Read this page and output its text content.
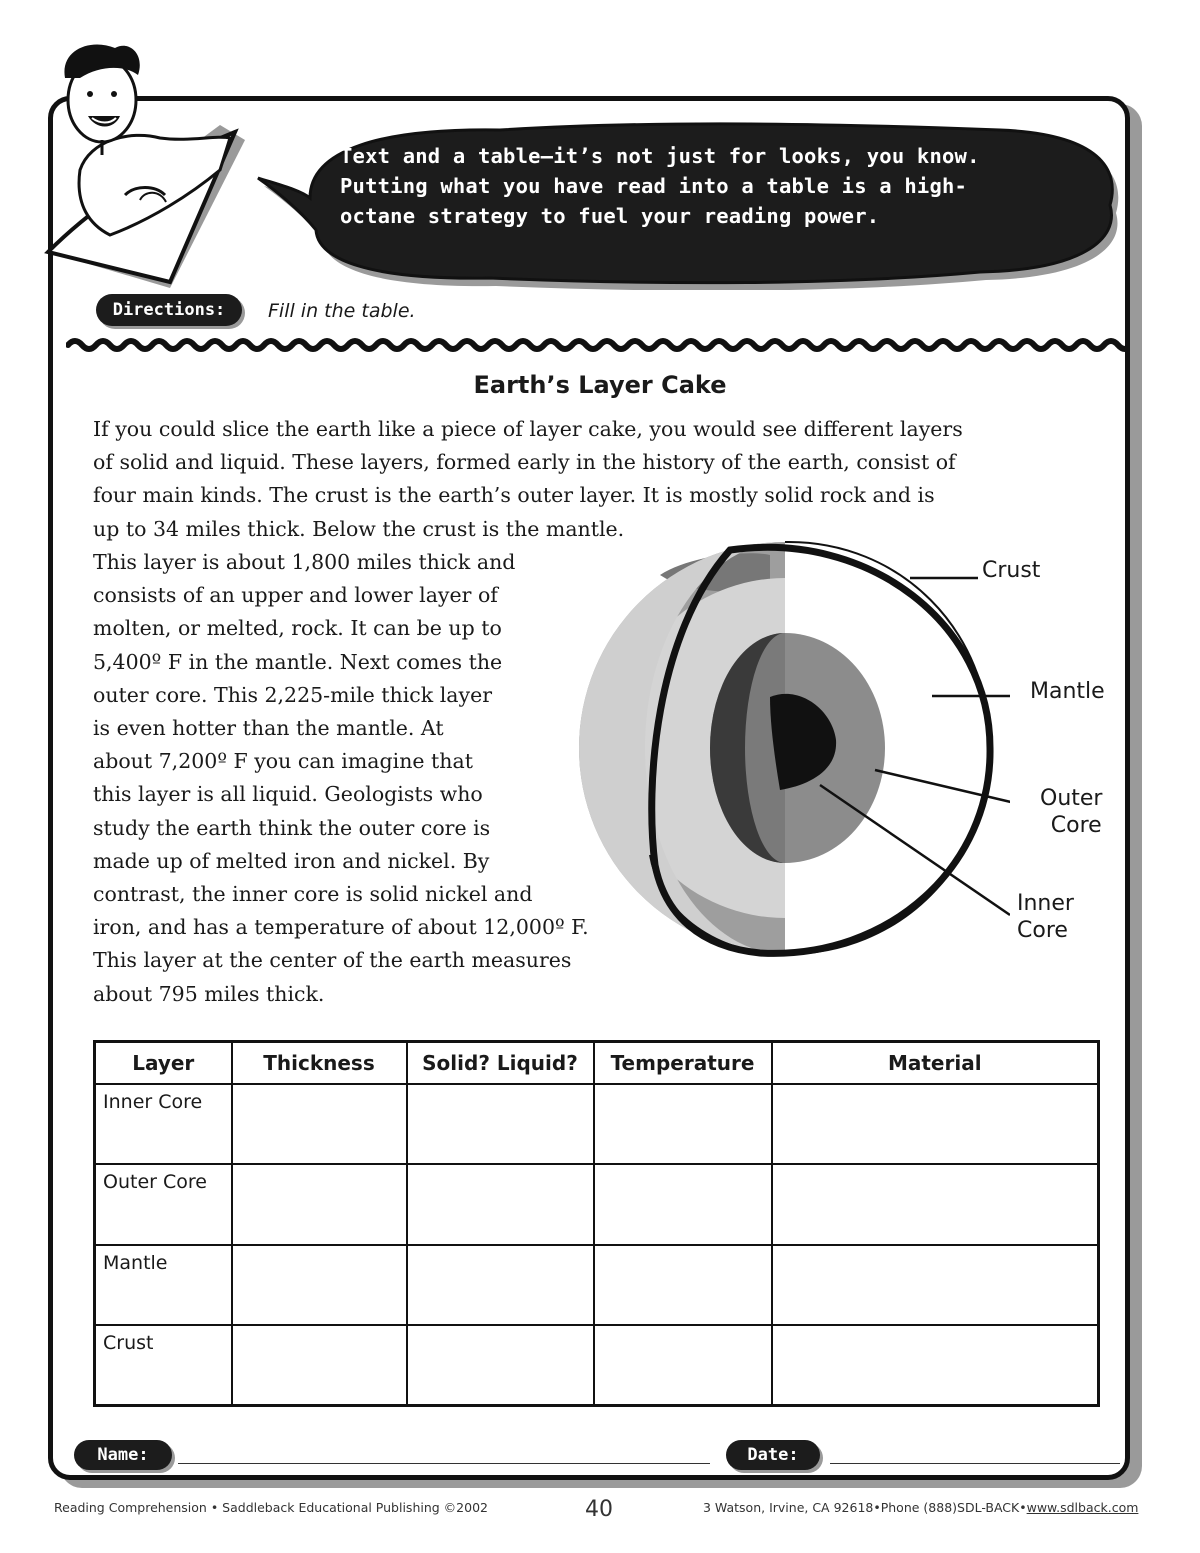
Text and a table—it’s not just for looks, you know.
Putting what you have read into a table is a high-
octane strategy to fuel your reading power.
Directions:	Fill in the table.
Earth’s Layer Cake
If you could slice the earth like a piece of layer cake, you would see different layers
of solid and liquid. These layers, formed early in the history of the earth, consist of
four main kinds. The crust is the earth’s outer layer. It is mostly solid rock and is
up to 34 miles thick. Below the crust is the mantle.
This layer is about 1,800 miles thick and
consists of an upper and lower layer of
molten, or melted, rock. It can be up to
5,400º F in the mantle. Next comes the
outer core. This 2,225-mile thick layer
is even hotter than the mantle. At
about 7,200º F you can imagine that
this layer is all liquid. Geologists who
study the earth think the outer core is
made up of melted iron and nickel. By
contrast, the inner core is solid nickel and
iron, and has a temperature of about 12,000º F.
This layer at the center of the earth measures
about 795 miles thick.
Crust
Mantle
Outer
Core
Inner
Core
Layer	Thickness	Solid? Liquid?	Temperature	Material
Inner Core				
Outer Core				
Mantle				
Crust				
Name:	Date:
Reading Comprehension • Saddleback Educational Publishing ©2002	40	3 Watson, Irvine, CA 92618•Phone (888)SDL-BACK•www.sdlback.com
